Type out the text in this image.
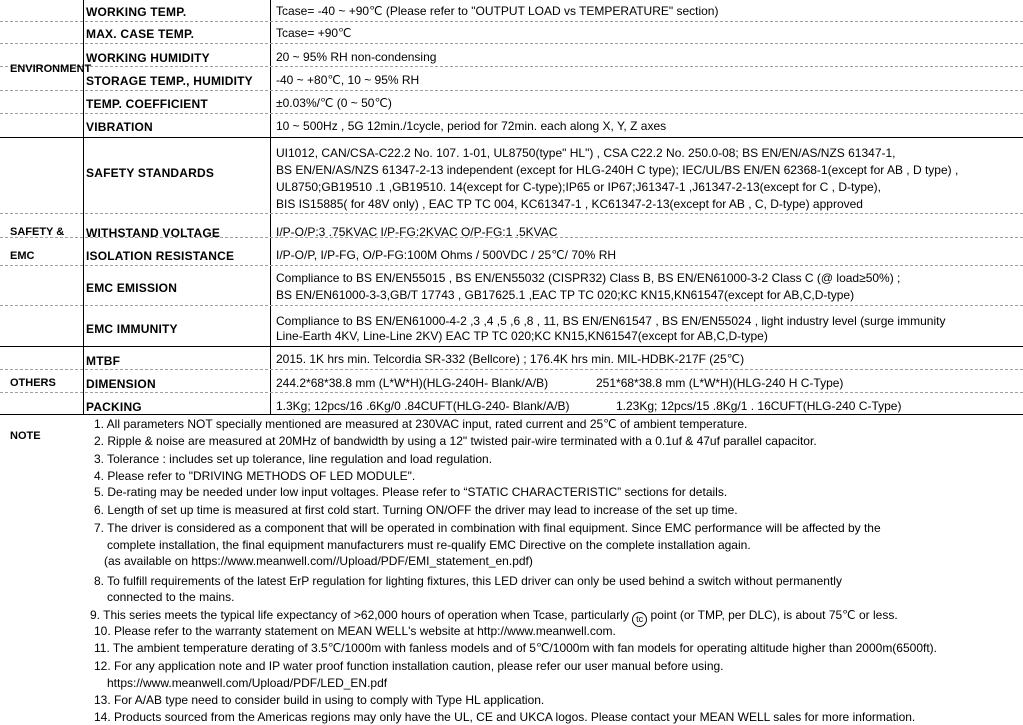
ENVIRONMENT
SAFETY &
EMC
OTHERS
NOTE
WORKING TEMP.
MAX. CASE TEMP.
WORKING HUMIDITY
STORAGE TEMP., HUMIDITY
TEMP. COEFFICIENT
VIBRATION
SAFETY STANDARDS
WITHSTAND VOLTAGE
ISOLATION RESISTANCE
EMC EMISSION
EMC IMMUNITY
MTBF
DIMENSION
PACKING
Tcase= -40 ~ +90℃ (Please refer to "OUTPUT LOAD vs TEMPERATURE" section)
Tcase= +90℃
20 ~ 95% RH non-condensing
-40 ~ +80℃, 10 ~ 95% RH
±0.03%/℃ (0 ~ 50℃)
10 ~ 500Hz , 5G 12min./1cycle, period for 72min. each along X, Y, Z axes
UI1012, CAN/CSA-C22.2 No. 107. 1-01, UL8750(type" HL") , CSA C22.2 No. 250.0-08; BS EN/EN/AS/NZS 61347-1,
BS EN/EN/AS/NZS 61347-2-13 independent (except for HLG-240H C type); IEC/UL/BS EN/EN 62368-1(except for AB , D type) ,
UL8750;GB19510 .1 ,GB19510. 14(except for C-type);IP65 or IP67;J61347-1 ,J61347-2-13(except for C , D-type),
BIS IS15885( for 48V only) , EAC TP TC 004, KC61347-1 , KC61347-2-13(except for AB , C, D-type) approved
I/P-O/P:3 .75KVAC I/P-FG:2KVAC O/P-FG:1 .5KVAC
I/P-O/P, I/P-FG, O/P-FG:100M Ohms / 500VDC / 25℃/ 70% RH
Compliance to BS EN/EN55015 , BS EN/EN55032 (CISPR32) Class B, BS EN/EN61000-3-2 Class C (@ load≥50%) ;
BS EN/EN61000-3-3,GB/T 17743 , GB17625.1 ,EAC TP TC 020;KC KN15,KN61547(except for AB,C,D-type)
Compliance to BS EN/EN61000-4-2 ,3 ,4 ,5 ,6 ,8 , 11, BS EN/EN61547 , BS EN/EN55024 , light industry level (surge immunity
Line-Earth 4KV, Line-Line 2KV) EAC TP TC 020;KC KN15,KN61547(except for AB,C,D-type)
2015. 1K hrs min. Telcordia SR-332 (Bellcore) ; 176.4K hrs min. MIL-HDBK-217F (25℃)
244.2*68*38.8 mm (L*W*H)(HLG-240H- Blank/A/B)	251*68*38.8 mm (L*W*H)(HLG-240 H C-Type)
1.3Kg; 12pcs/16 .6Kg/0 .84CUFT(HLG-240- Blank/A/B)	1.23Kg; 12pcs/15 .8Kg/1 . 16CUFT(HLG-240 C-Type)
1. All parameters NOT specially mentioned are measured at 230VAC input, rated current and 25℃ of ambient temperature.
2. Ripple & noise are measured at 20MHz of bandwidth by using a 12" twisted pair-wire terminated with a 0.1uf & 47uf parallel capacitor.
3. Tolerance : includes set up tolerance, line regulation and load regulation.
4. Please refer to "DRIVING METHODS OF LED MODULE".
5. De-rating may be needed under low input voltages. Please refer to “STATIC CHARACTERISTIC” sections for details.
6. Length of set up time is measured at first cold start. Turning ON/OFF the driver may lead to increase of the set up time.
7. The driver is considered as a component that will be operated in combination with final equipment. Since EMC performance will be affected by the
complete installation, the final equipment manufacturers must re-qualify EMC Directive on the complete installation again.
(as available on https://www.meanwell.com//Upload/PDF/EMI_statement_en.pdf)
8. To fulfill requirements of the latest ErP regulation for lighting fixtures, this LED driver can only be used behind a switch without permanently
connected to the mains.
9. This series meets the typical life expectancy of >62,000 hours of operation when Tcase, particularly tc point (or TMP, per DLC), is about 75℃ or less.
10. Please refer to the warranty statement on MEAN WELL's website at http://www.meanwell.com.
11. The ambient temperature derating of 3.5℃/1000m with fanless models and of 5℃/1000m with fan models for operating altitude higher than 2000m(6500ft).
12. For any application note and IP water proof function installation caution, please refer our user manual before using.
https://www.meanwell.com/Upload/PDF/LED_EN.pdf
13. For A/AB type need to consider build in using to comply with Type HL application.
14. Products sourced from the Americas regions may only have the UL, CE and UKCA logos. Please contact your MEAN WELL sales for more information.
